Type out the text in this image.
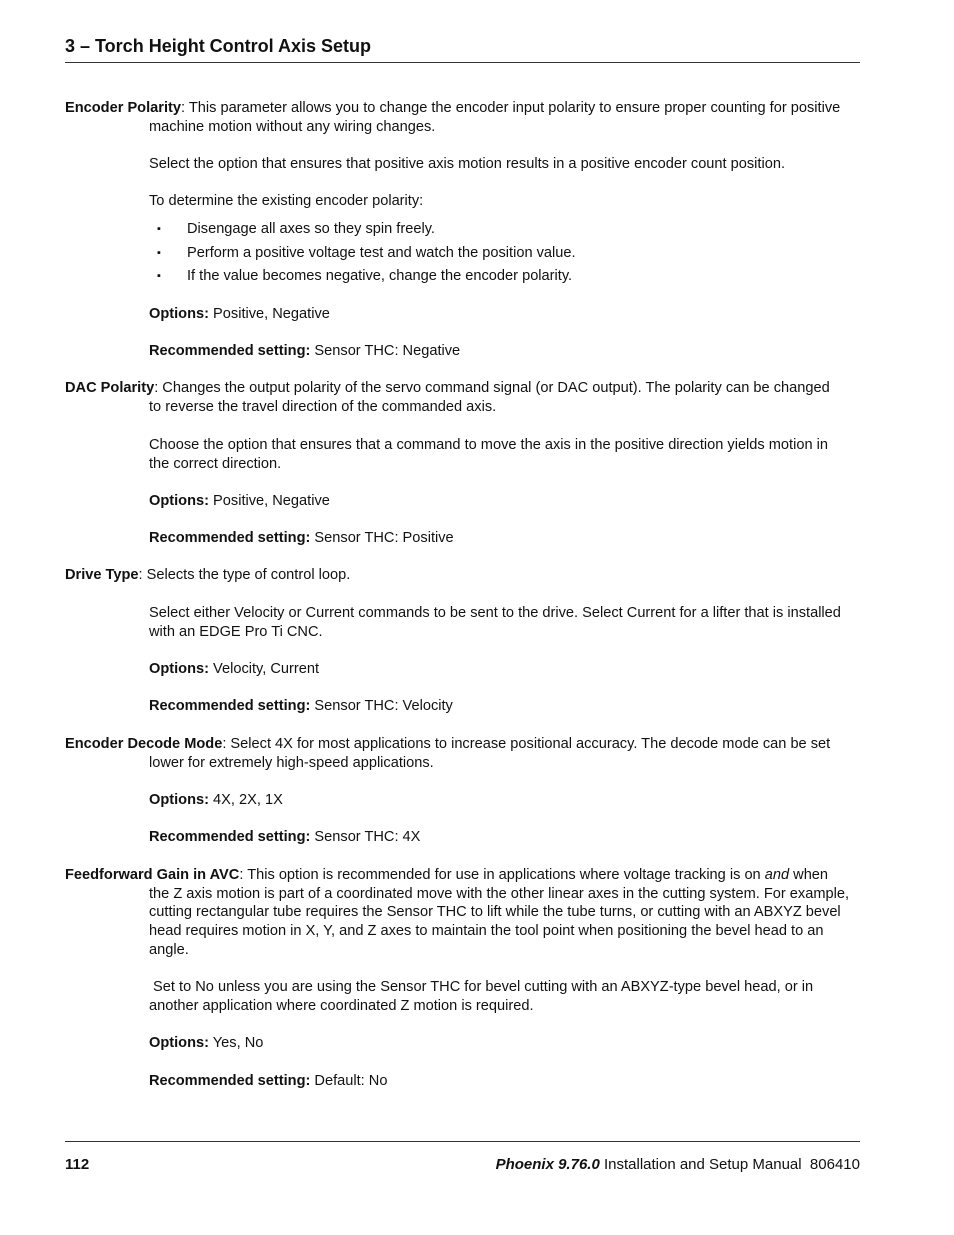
3 – Torch Height Control Axis Setup
Encoder Polarity: This parameter allows you to change the encoder input polarity to ensure proper counting for positive
machine motion without any wiring changes.
Select the option that ensures that positive axis motion results in a positive encoder count position.
To determine the existing encoder polarity:
▪ Disengage all axes so they spin freely.
▪ Perform a positive voltage test and watch the position value.
▪ If the value becomes negative, change the encoder polarity.
Options: Positive, Negative
Recommended setting: Sensor THC: Negative
DAC Polarity: Changes the output polarity of the servo command signal (or DAC output). The polarity can be changed
to reverse the travel direction of the commanded axis.
Choose the option that ensures that a command to move the axis in the positive direction yields motion in
the correct direction.
Options: Positive, Negative
Recommended setting: Sensor THC: Positive
Drive Type: Selects the type of control loop.
Select either Velocity or Current commands to be sent to the drive. Select Current for a lifter that is installed
with an EDGE Pro Ti CNC.
Options: Velocity, Current
Recommended setting: Sensor THC: Velocity
Encoder Decode Mode: Select 4X for most applications to increase positional accuracy. The decode mode can be set
lower for extremely high-speed applications.
Options: 4X, 2X, 1X
Recommended setting: Sensor THC: 4X
Feedforward Gain in AVC: This option is recommended for use in applications where voltage tracking is on and when
the Z axis motion is part of a coordinated move with the other linear axes in the cutting system. For example,
cutting rectangular tube requires the Sensor THC to lift while the tube turns, or cutting with an ABXYZ bevel
head requires motion in X, Y, and Z axes to maintain the tool point when positioning the bevel head to an
angle.
Set to No unless you are using the Sensor THC for bevel cutting with an ABXYZ-type bevel head, or in
another application where coordinated Z motion is required.
Options: Yes, No
Recommended setting: Default: No
112	Phoenix 9.76.0 Installation and Setup Manual  806410
